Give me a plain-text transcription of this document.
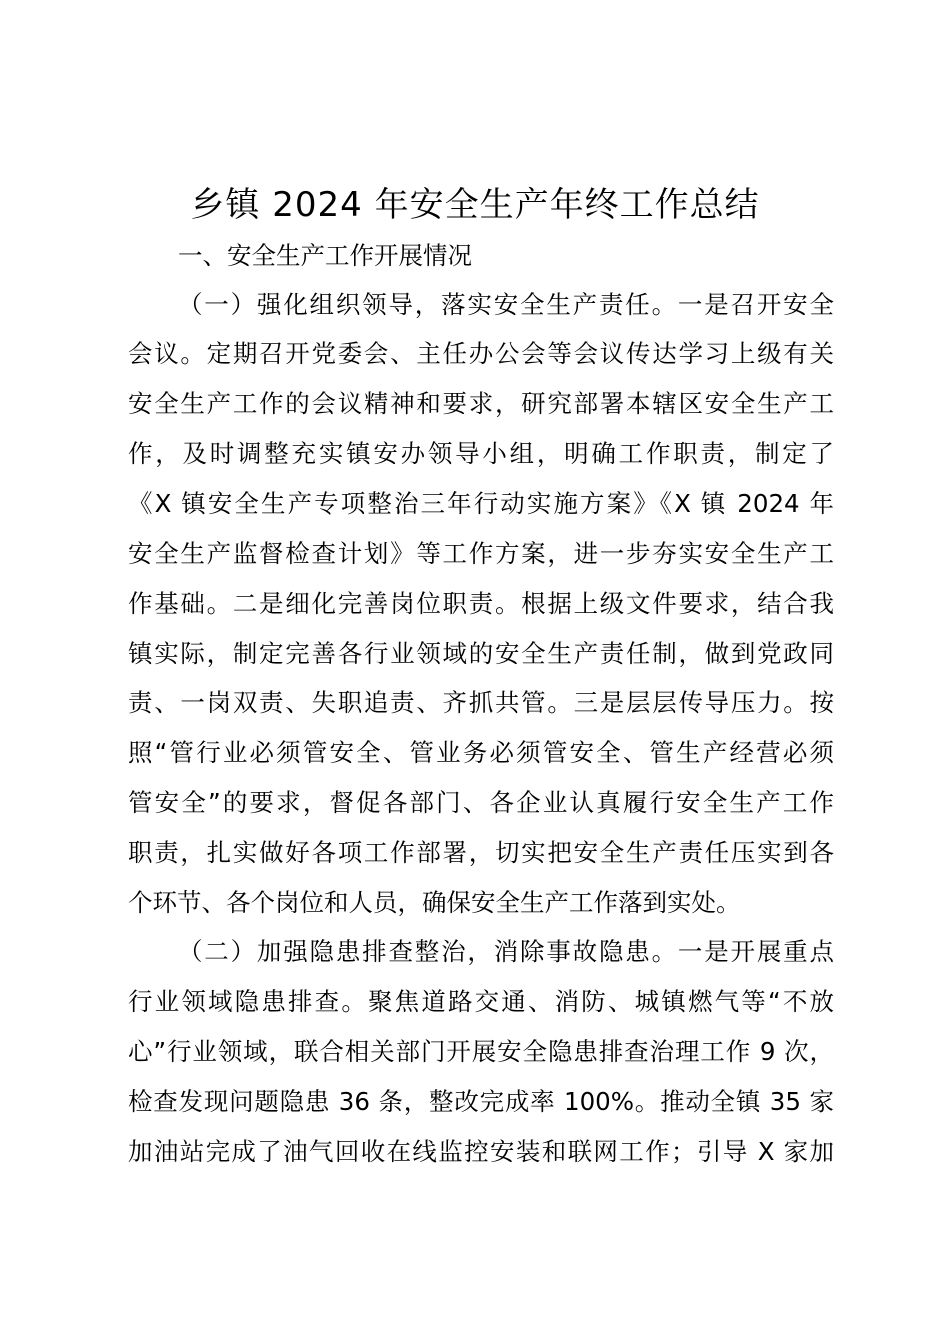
乡镇 2024 年安全生产年终工作总结
一、安全生产工作开展情况
（一）强化组织领导，落实安全生产责任。一是召开安全
会议。定期召开党委会、主任办公会等会议传达学习上级有关
安全生产工作的会议精神和要求，研究部署本辖区安全生产工
作，及时调整充实镇安办领导小组，明确工作职责，制定了
《X 镇安全生产专项整治三年行动实施方案》《X 镇 2024 年
安全生产监督检查计划》等工作方案，进一步夯实安全生产工
作基础。二是细化完善岗位职责。根据上级文件要求，结合我
镇实际，制定完善各行业领域的安全生产责任制，做到党政同
责、一岗双责、失职追责、齐抓共管。三是层层传导压力。按
照“管行业必须管安全、管业务必须管安全、管生产经营必须
管安全”的要求，督促各部门、各企业认真履行安全生产工作
职责，扎实做好各项工作部署，切实把安全生产责任压实到各
个环节、各个岗位和人员，确保安全生产工作落到实处。
（二）加强隐患排查整治，消除事故隐患。一是开展重点
行业领域隐患排查。聚焦道路交通、消防、城镇燃气等“不放
心”行业领域，联合相关部门开展安全隐患排查治理工作 9 次，
检查发现问题隐患 36 条，整改完成率 100%。推动全镇 35 家
加油站完成了油气回收在线监控安装和联网工作；引导 X 家加
